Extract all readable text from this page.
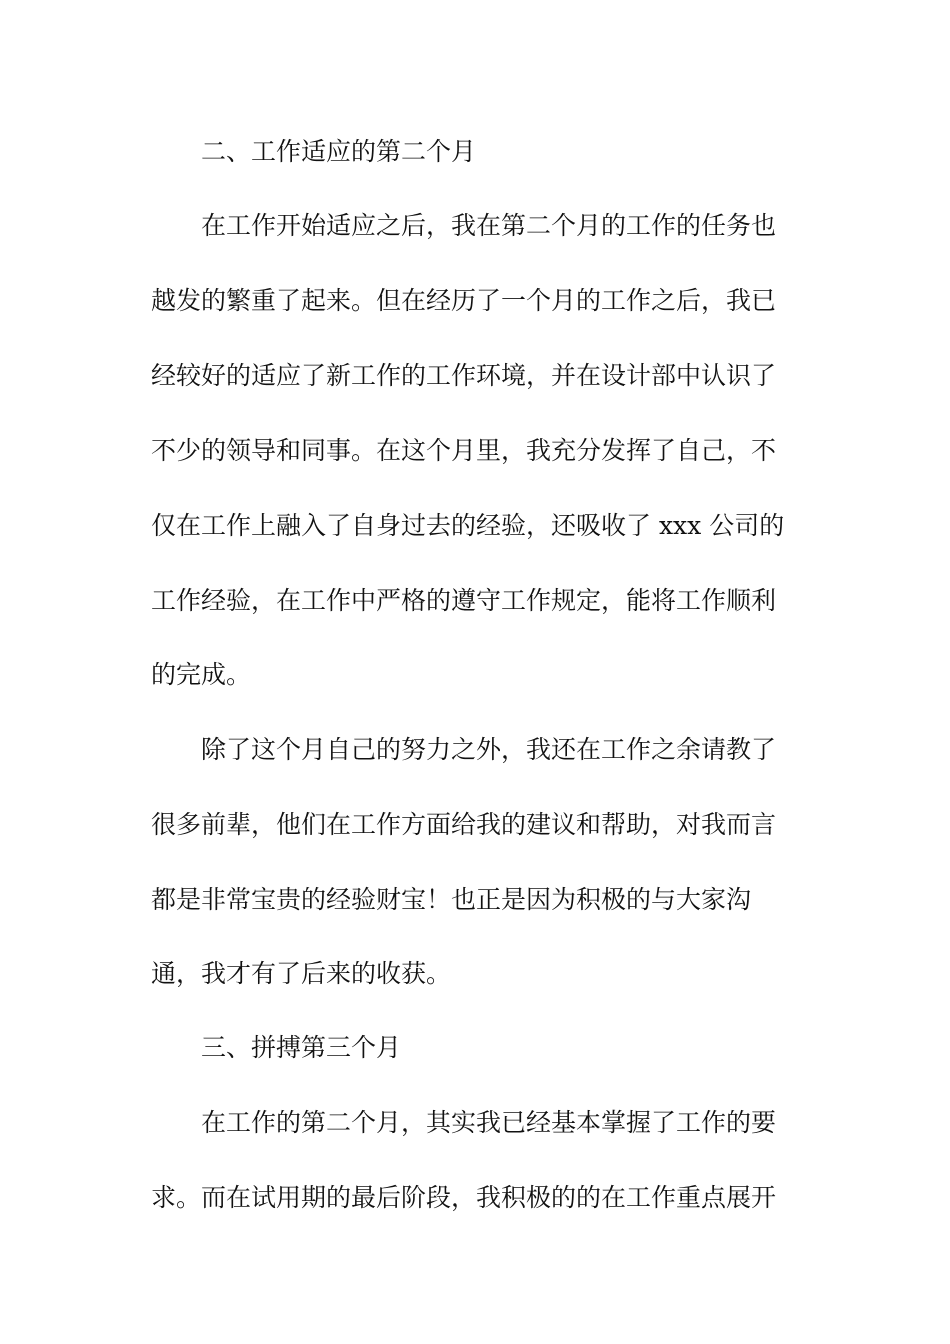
二、工作适应的第二个月
在工作开始适应之后，我在第二个月的工作的任务也
越发的繁重了起来。但在经历了一个月的工作之后，我已
经较好的适应了新工作的工作环境，并在设计部中认识了
不少的领导和同事。在这个月里，我充分发挥了自己，不
仅在工作上融入了自身过去的经验，还吸收了 xxx 公司的
工作经验，在工作中严格的遵守工作规定，能将工作顺利
的完成。
除了这个月自己的努力之外，我还在工作之余请教了
很多前辈，他们在工作方面给我的建议和帮助，对我而言
都是非常宝贵的经验财宝！也正是因为积极的与大家沟
通，我才有了后来的收获。
三、拼搏第三个月
在工作的第二个月，其实我已经基本掌握了工作的要
求。而在试用期的最后阶段，我积极的的在工作重点展开
